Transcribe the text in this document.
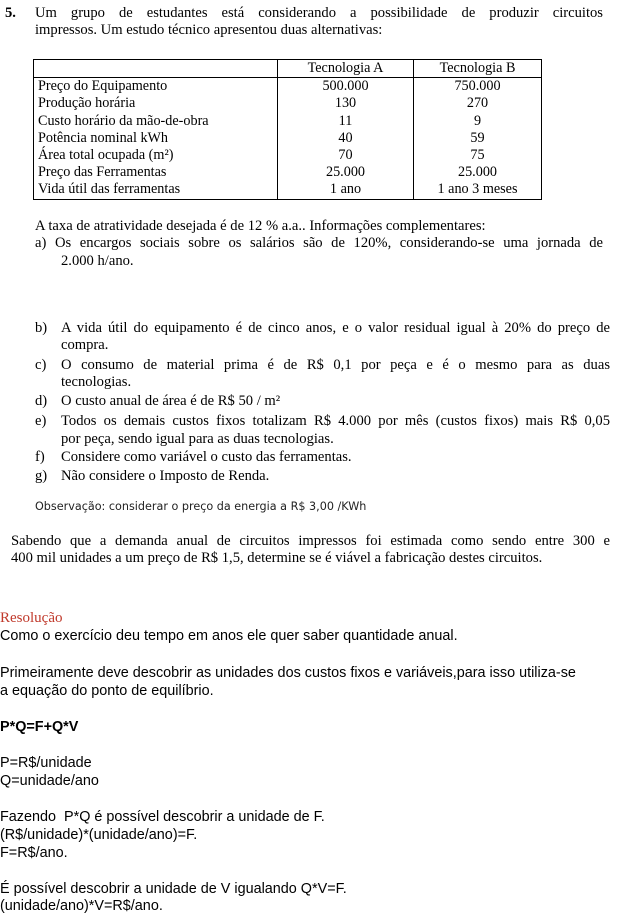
5. Um grupo de estudantes está considerando a possibilidade de produzir circuitos
impressos. Um estudo técnico apresentou duas alternativas:
	Tecnologia A	Tecnologia B
Preço do Equipamento	500.000	750.000
Produção horária	130	270
Custo horário da mão-de-obra	11	9
Potência nominal kWh	40	59
Área total ocupada (m²)	70	75
Preço das Ferramentas	25.000	25.000
Vida útil das ferramentas	1 ano	1 ano 3 meses
A taxa de atratividade desejada é de 12 % a.a.. Informações complementares:
a) Os encargos sociais sobre os salários são de 120%, considerando-se uma jornada de
2.000 h/ano.
b) A vida útil do equipamento é de cinco anos, e o valor residual igual à 20% do preço de
compra.
c) O consumo de material prima é de R$ 0,1 por peça e é o mesmo para as duas
tecnologias.
d) O custo anual de área é de R$ 50 / m²
e) Todos os demais custos fixos totalizam R$ 4.000 por mês (custos fixos) mais R$ 0,05
por peça, sendo igual para as duas tecnologias.
f) Considere como variável o custo das ferramentas.
g) Não considere o Imposto de Renda.
Observação: considerar o preço da energia a R$ 3,00 /KWh
Sabendo que a demanda anual de circuitos impressos foi estimada como sendo entre 300 e
400 mil unidades a um preço de R$ 1,5, determine se é viável a fabricação destes circuitos.
Resolução
Como o exercício deu tempo em anos ele quer saber quantidade anual.
Primeiramente deve descobrir as unidades dos custos fixos e variáveis,para isso utiliza-se
a equação do ponto de equilíbrio.
P*Q=F+Q*V
P=R$/unidade
Q=unidade/ano
Fazendo  P*Q é possível descobrir a unidade de F.
(R$/unidade)*(unidade/ano)=F.
F=R$/ano.
É possível descobrir a unidade de V igualando Q*V=F.
(unidade/ano)*V=R$/ano.
